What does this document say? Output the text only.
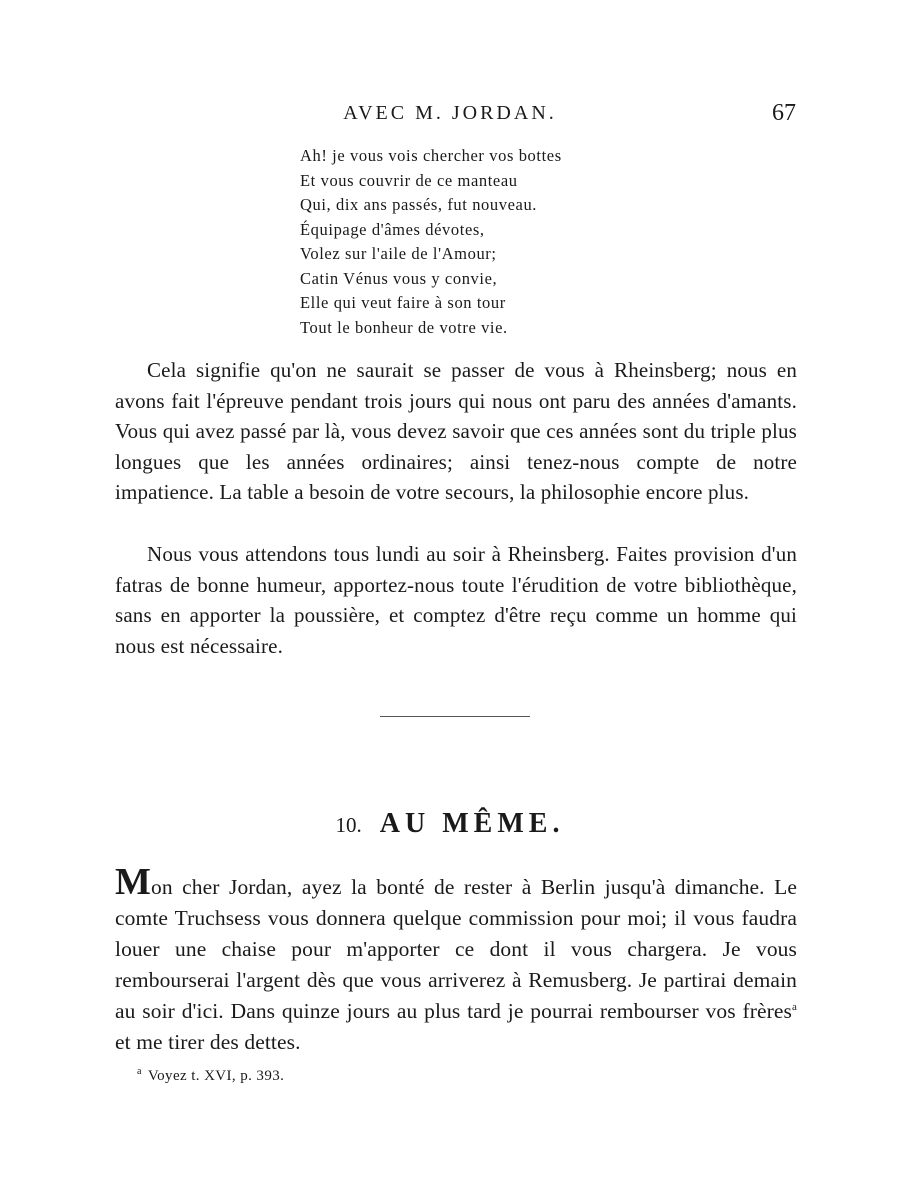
AVEC M. JORDAN.	67
Ah! je vous vois chercher vos bottes
Et vous couvrir de ce manteau
Qui, dix ans passés, fut nouveau.
Équipage d'âmes dévotes,
Volez sur l'aile de l'Amour;
Catin Vénus vous y convie,
Elle qui veut faire à son tour
Tout le bonheur de votre vie.

Cela signifie qu'on ne saurait se passer de vous à Rheinsberg; nous en avons fait l'épreuve pendant trois jours qui nous ont paru des années d'amants. Vous qui avez passé par là, vous devez savoir que ces années sont du triple plus longues que les années ordinaires; ainsi tenez-nous compte de notre impatience. La table a besoin de votre secours, la philosophie encore plus.

Nous vous attendons tous lundi au soir à Rheinsberg. Faites provision d'un fatras de bonne humeur, apportez-nous toute l'érudition de votre bibliothèque, sans en apporter la poussière, et comptez d'être reçu comme un homme qui nous est nécessaire.

10. AU MÊME.

Mon cher Jordan, ayez la bonté de rester à Berlin jusqu'à dimanche. Le comte Truchsess vous donnera quelque commission pour moi; il vous faudra louer une chaise pour m'apporter ce dont il vous chargera. Je vous rembourserai l'argent dès que vous arriverez à Remusberg. Je partirai demain au soir d'ici. Dans quinze jours au plus tard je pourrai rembourser vos frères$^a$ et me tirer des dettes.

$^a$ Voyez t. XVI, p. 393.
